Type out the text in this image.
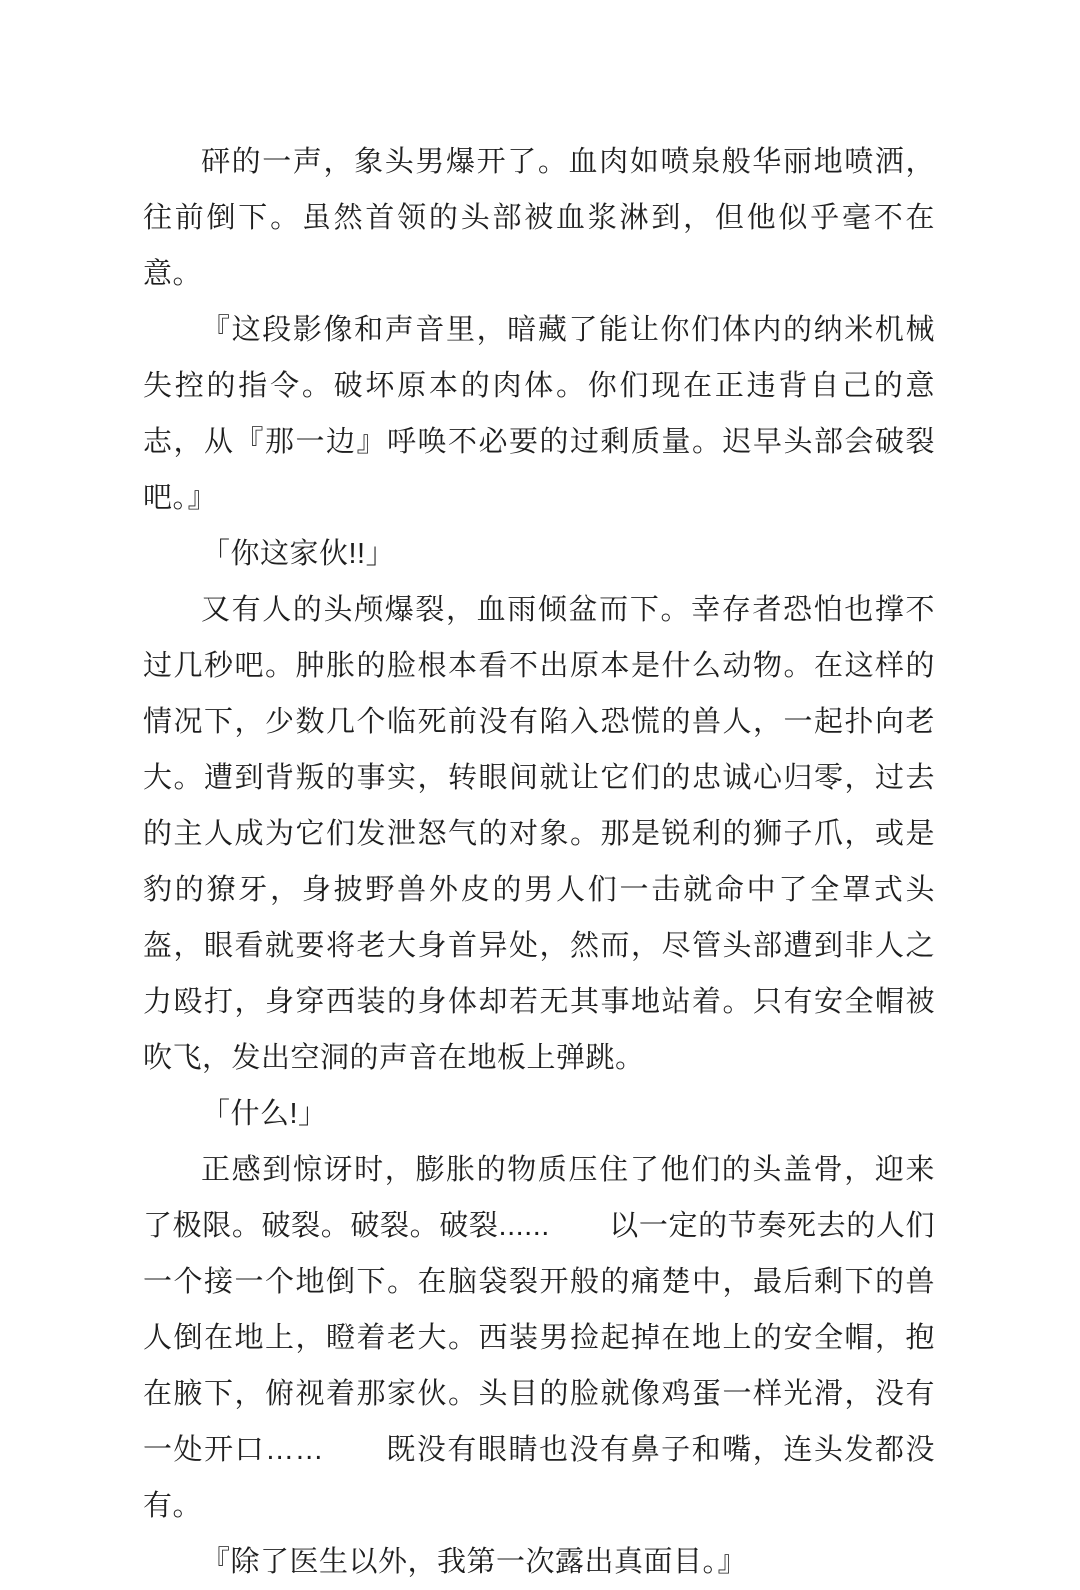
砰的一声，象头男爆开了。血肉如喷泉般华丽地喷洒，往前倒下。虽然首领的头部被血浆淋到，但他似乎毫不在意。

『这段影像和声音里，暗藏了能让你们体内的纳米机械失控的指令。破坏原本的肉体。你们现在正违背自己的意志，从『那一边』呼唤不必要的过剩质量。迟早头部会破裂吧。』

「你这家伙!!」

又有人的头颅爆裂，血雨倾盆而下。幸存者恐怕也撑不过几秒吧。肿胀的脸根本看不出原本是什么动物。在这样的情况下，少数几个临死前没有陷入恐慌的兽人，一起扑向老大。遭到背叛的事实，转眼间就让它们的忠诚心归零，过去的主人成为它们发泄怒气的对象。那是锐利的狮子爪，或是豹的獠牙，身披野兽外皮的男人们一击就命中了全罩式头盔，眼看就要将老大身首异处，然而，尽管头部遭到非人之力殴打，身穿西装的身体却若无其事地站着。只有安全帽被吹飞，发出空洞的声音在地板上弹跳。

「什么!」

正感到惊讶时，膨胀的物质压住了他们的头盖骨，迎来了极限。破裂。破裂。破裂......　　以一定的节奏死去的人们一个接一个地倒下。在脑袋裂开般的痛楚中，最后剩下的兽人倒在地上，瞪着老大。西装男捡起掉在地上的安全帽，抱在腋下，俯视着那家伙。头目的脸就像鸡蛋一样光滑，没有一处开口……　　既没有眼睛也没有鼻子和嘴，连头发都没有。

『除了医生以外，我第一次露出真面目。』
